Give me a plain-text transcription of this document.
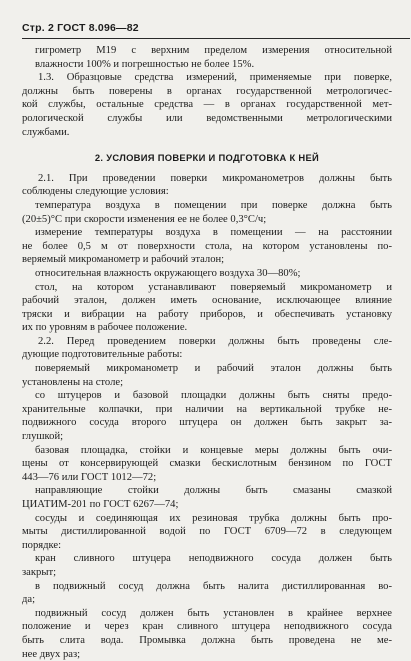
Стр. 2 ГОСТ 8.096—82
гигрометр М19 с верхним пределом измерения относительной
влажности 100% и погрешностью не более 15%.
1.3. Образцовые средства измерений, применяемые при поверке,
должны быть поверены в органах государственной метрологичес-
кой службы, остальные средства — в органах государственной мет-
рологической службы или ведомственными метрологическими
службами.
2. УСЛОВИЯ ПОВЕРКИ И ПОДГОТОВКА К НЕЙ
2.1. При проведении поверки микроманометров должны быть
соблюдены следующие условия:
температура воздуха в помещении при поверке должна быть
(20±5)°С при скорости изменения ее не более 0,3°С/ч;
измерение температуры воздуха в помещении — на расстоянии
не более 0,5 м от поверхности стола, на котором установлены по-
веряемый микроманометр и рабочий эталон;
относительная влажность окружающего воздуха 30—80%;
стол, на котором устанавливают поверяемый микроманометр и
рабочий эталон, должен иметь основание, исключающее влияние
тряски и вибрации на работу приборов, и обеспечивать установку
их по уровням в рабочее положение.
2.2. Перед проведением поверки должны быть проведены сле-
дующие подготовительные работы:
поверяемый микроманометр и рабочий эталон должны быть
установлены на столе;
со штуцеров и базовой площадки должны быть сняты предо-
хранительные колпачки, при наличии на вертикальной трубке не-
подвижного сосуда второго штуцера он должен быть закрыт за-
глушкой;
базовая площадка, стойки и концевые меры должны быть очи-
щены от консервирующей смазки бескислотным бензином по ГОСТ
443—76 или ГОСТ 1012—72;
направляющие стойки должны быть смазаны смазкой
ЦИАТИМ-201 по ГОСТ 6267—74;
сосуды и соединяющая их резиновая трубка должны быть про-
мыты дистиллированной водой по ГОСТ 6709—72 в следующем
порядке:
кран сливного штуцера неподвижного сосуда должен быть
закрыт;
в подвижный сосуд должна быть налита дистиллированная во-
да;
подвижный сосуд должен быть установлен в крайнее верхнее
положение и через кран сливного штуцера неподвижного сосуда
быть слита вода. Промывка должна быть проведена не ме-
нее двух раз;
